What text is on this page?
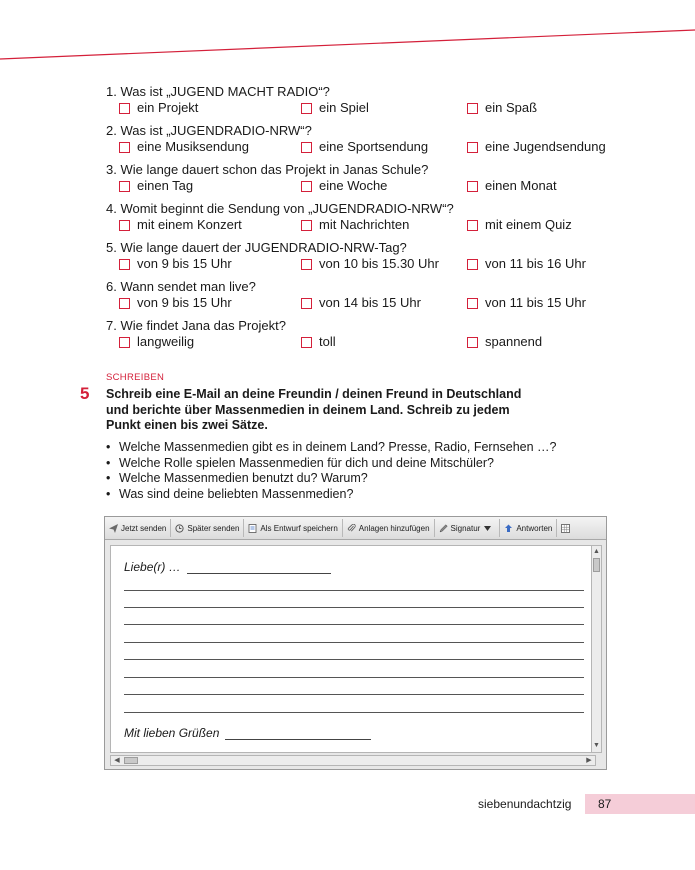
1. Was ist „JUGEND MACHT RADIO“?
ein Projekt	ein Spiel	ein Spaß
2. Was ist „JUGENDRADIO-NRW“?
eine Musiksendung	eine Sportsendung	eine Jugendsendung
3. Wie lange dauert schon das Projekt in Janas Schule?
einen Tag	eine Woche	einen Monat
4. Womit beginnt die Sendung von „JUGENDRADIO-NRW“?
mit einem Konzert	mit Nachrichten	mit einem Quiz
5. Wie lange dauert der JUGENDRADIO-NRW-Tag?
von 9 bis 15 Uhr	von 10 bis 15.30 Uhr	von 11 bis 16 Uhr
6. Wann sendet man live?
von 9 bis 15 Uhr	von 14 bis 15 Uhr	von 11 bis 15 Uhr
7. Wie findet Jana das Projekt?
langweilig	toll	spannend
SCHREIBEN
5 Schreib eine E-Mail an deine Freundin / deinen Freund in Deutschland und berichte über Massenmedien in deinem Land. Schreib zu jedem Punkt einen bis zwei Sätze.
• Welche Massenmedien gibt es in deinem Land? Presse, Radio, Fernsehen …?
• Welche Rolle spielen Massenmedien für dich und deine Mitschüler?
• Welche Massenmedien benutzt du? Warum?
• Was sind deine beliebten Massenmedien?
Jetzt senden	Später senden	Als Entwurf speichern	Anlagen hinzufügen	Signatur	Antworten
Liebe(r) …
Mit lieben Grüßen
▲
▼
◀	▶
siebenundachtzig 87
